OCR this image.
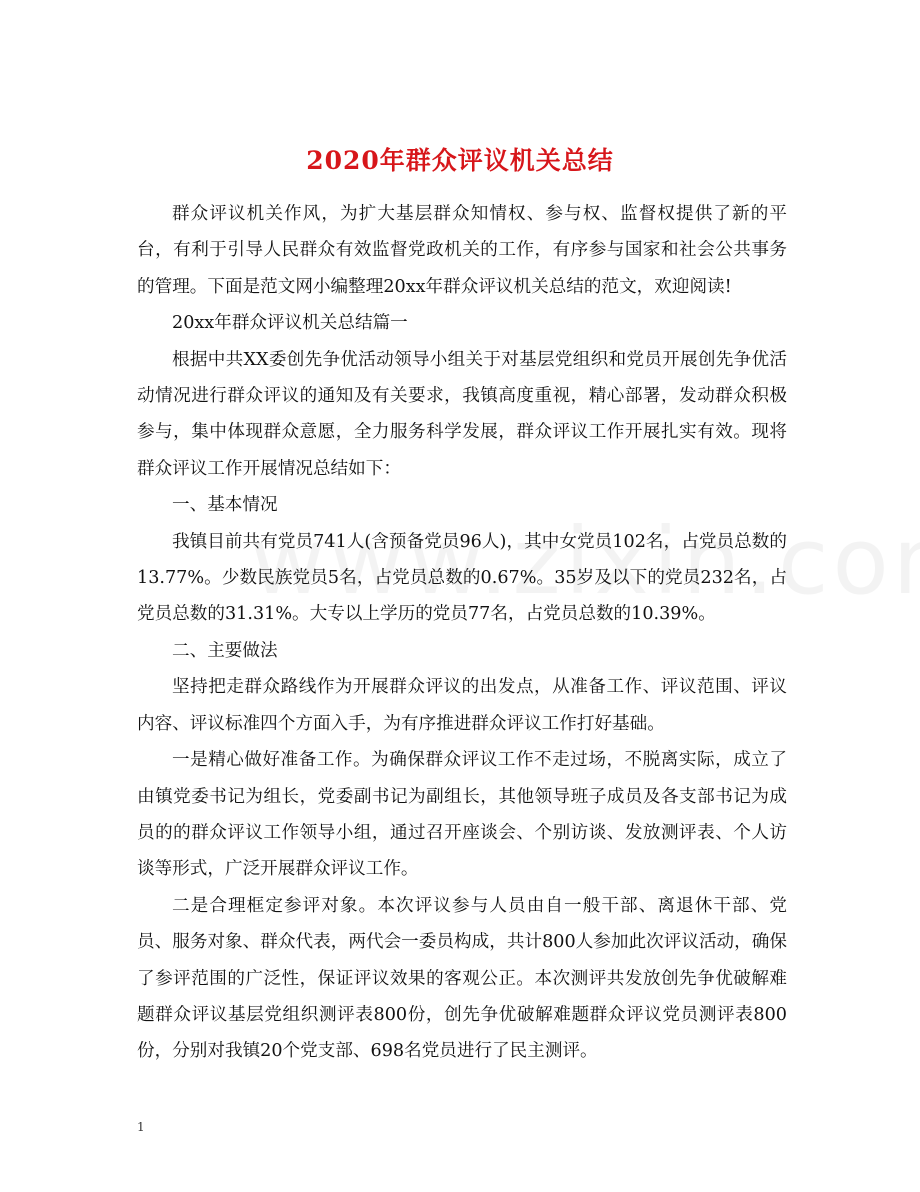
2020年群众评议机关总结

群众评议机关作风，为扩大基层群众知情权、参与权、监督权提供了新的平台，有利于引导人民群众有效监督党政机关的工作，有序参与国家和社会公共事务的管理。下面是范文网小编整理20xx年群众评议机关总结的范文，欢迎阅读!

20xx年群众评议机关总结篇一

根据中共XX委创先争优活动领导小组关于对基层党组织和党员开展创先争优活动情况进行群众评议的通知及有关要求，我镇高度重视，精心部署，发动群众积极参与，集中体现群众意愿，全力服务科学发展，群众评议工作开展扎实有效。现将群众评议工作开展情况总结如下：

一、基本情况

我镇目前共有党员741人(含预备党员96人)，其中女党员102名，占党员总数的13.77%。少数民族党员5名，占党员总数的0.67%。35岁及以下的党员232名，占党员总数的31.31%。大专以上学历的党员77名，占党员总数的10.39%。

二、主要做法

坚持把走群众路线作为开展群众评议的出发点，从准备工作、评议范围、评议内容、评议标准四个方面入手，为有序推进群众评议工作打好基础。

一是精心做好准备工作。为确保群众评议工作不走过场，不脱离实际，成立了由镇党委书记为组长，党委副书记为副组长，其他领导班子成员及各支部书记为成员的的群众评议工作领导小组，通过召开座谈会、个别访谈、发放测评表、个人访谈等形式，广泛开展群众评议工作。

二是合理框定参评对象。本次评议参与人员由自一般干部、离退休干部、党员、服务对象、群众代表，两代会一委员构成，共计800人参加此次评议活动，确保了参评范围的广泛性，保证评议效果的客观公正。本次测评共发放创先争优破解难题群众评议基层党组织测评表800份，创先争优破解难题群众评议党员测评表800份，分别对我镇20个党支部、698名党员进行了民主测评。

1
